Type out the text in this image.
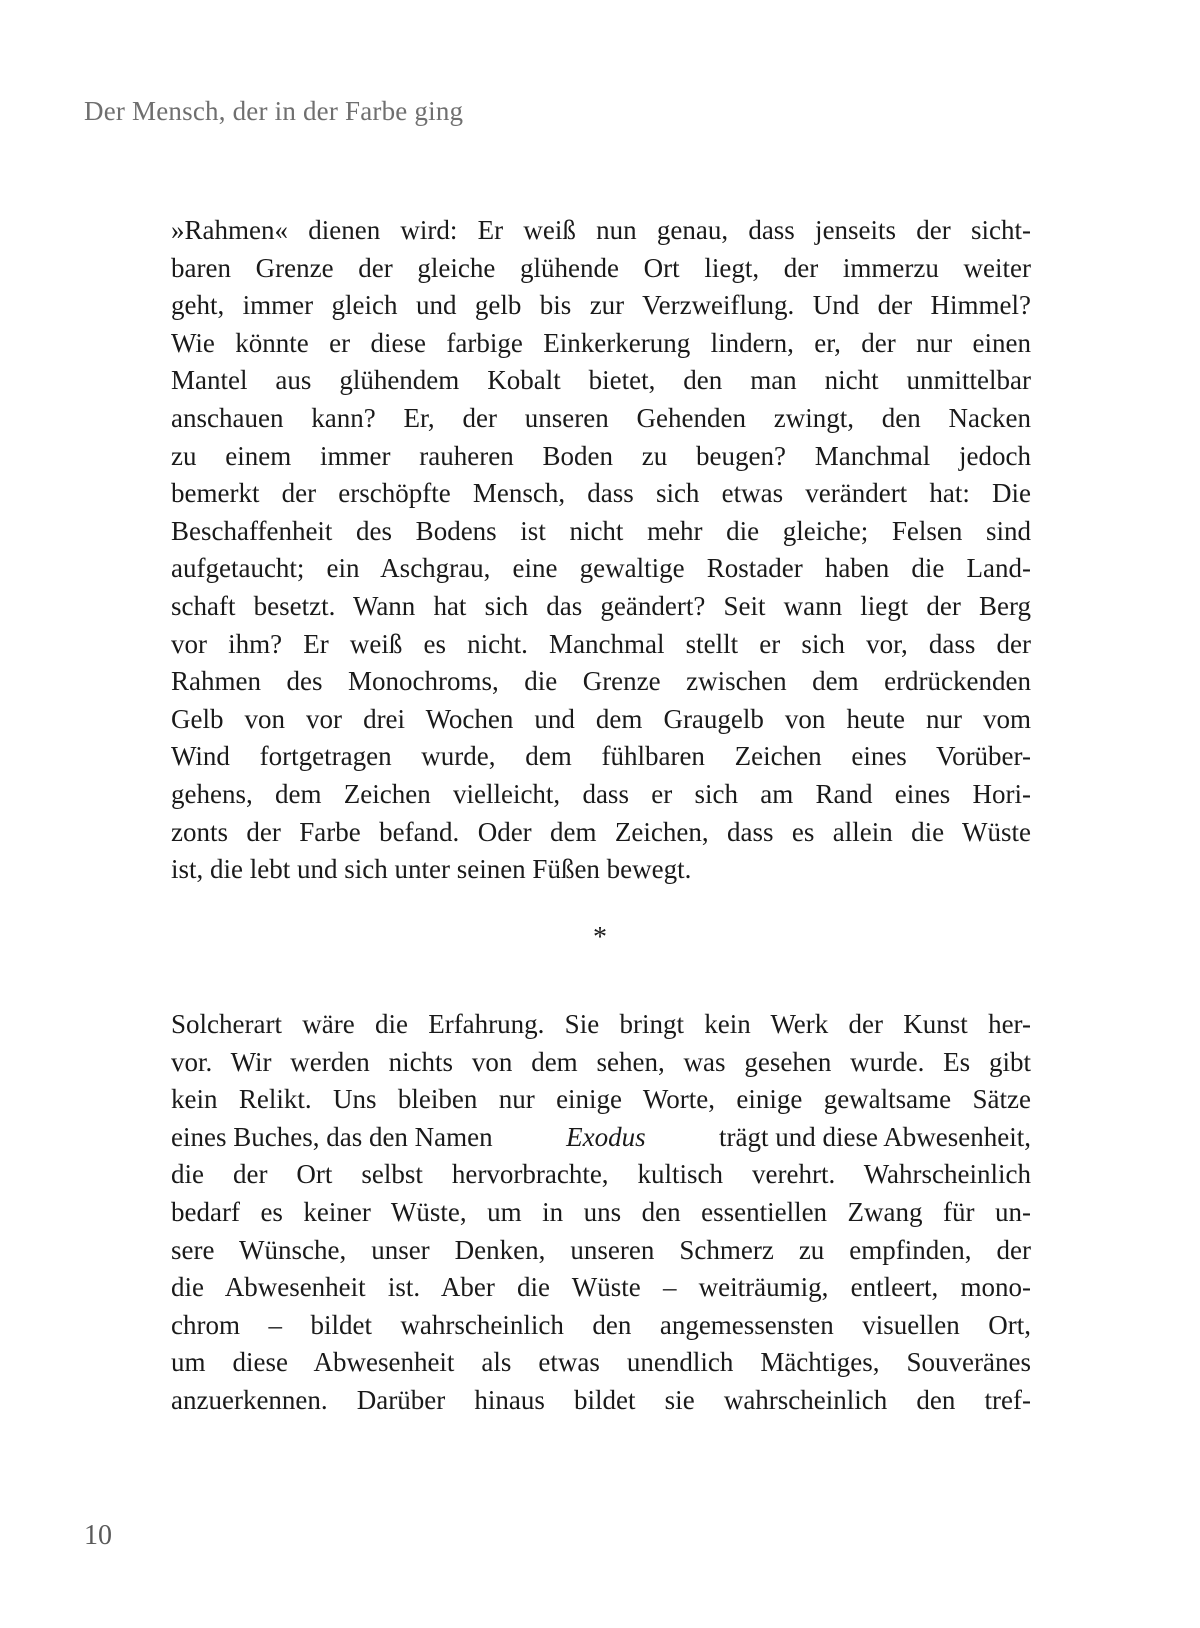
Der Mensch, der in der Farbe ging
»Rahmen« dienen wird: Er weiß nun genau, dass jenseits der sicht-
baren Grenze der gleiche glühende Ort liegt, der immerzu weiter
geht, immer gleich und gelb bis zur Verzweiflung. Und der Himmel?
Wie könnte er diese farbige Einkerkerung lindern, er, der nur einen
Mantel aus glühendem Kobalt bietet, den man nicht unmittelbar
anschauen kann? Er, der unseren Gehenden zwingt, den Nacken
zu einem immer rauheren Boden zu beugen? Manchmal jedoch
bemerkt der erschöpfte Mensch, dass sich etwas verändert hat: Die
Beschaffenheit des Bodens ist nicht mehr die gleiche; Felsen sind
aufgetaucht; ein Aschgrau, eine gewaltige Rostader haben die Land-
schaft besetzt. Wann hat sich das geändert? Seit wann liegt der Berg
vor ihm? Er weiß es nicht. Manchmal stellt er sich vor, dass der
Rahmen des Monochroms, die Grenze zwischen dem erdrückenden
Gelb von vor drei Wochen und dem Graugelb von heute nur vom
Wind fortgetragen wurde, dem fühlbaren Zeichen eines Vorüber-
gehens, dem Zeichen vielleicht, dass er sich am Rand eines Hori-
zonts der Farbe befand. Oder dem Zeichen, dass es allein die Wüste
ist, die lebt und sich unter seinen Füßen bewegt.
*
Solcherart wäre die Erfahrung. Sie bringt kein Werk der Kunst her-
vor. Wir werden nichts von dem sehen, was gesehen wurde. Es gibt
kein Relikt. Uns bleiben nur einige Worte, einige gewaltsame Sätze
eines Buches, das den Namen	Exodus	trägt und diese Abwesenheit,
die der Ort selbst hervorbrachte, kultisch verehrt. Wahrscheinlich
bedarf es keiner Wüste, um in uns den essentiellen Zwang für un-
sere Wünsche, unser Denken, unseren Schmerz zu empfinden, der
die Abwesenheit ist. Aber die Wüste – weiträumig, entleert, mono-
chrom – bildet wahrscheinlich den angemessensten visuellen Ort,
um diese Abwesenheit als etwas unendlich Mächtiges, Souveränes
anzuerkennen. Darüber hinaus bildet sie wahrscheinlich den tref-
10
